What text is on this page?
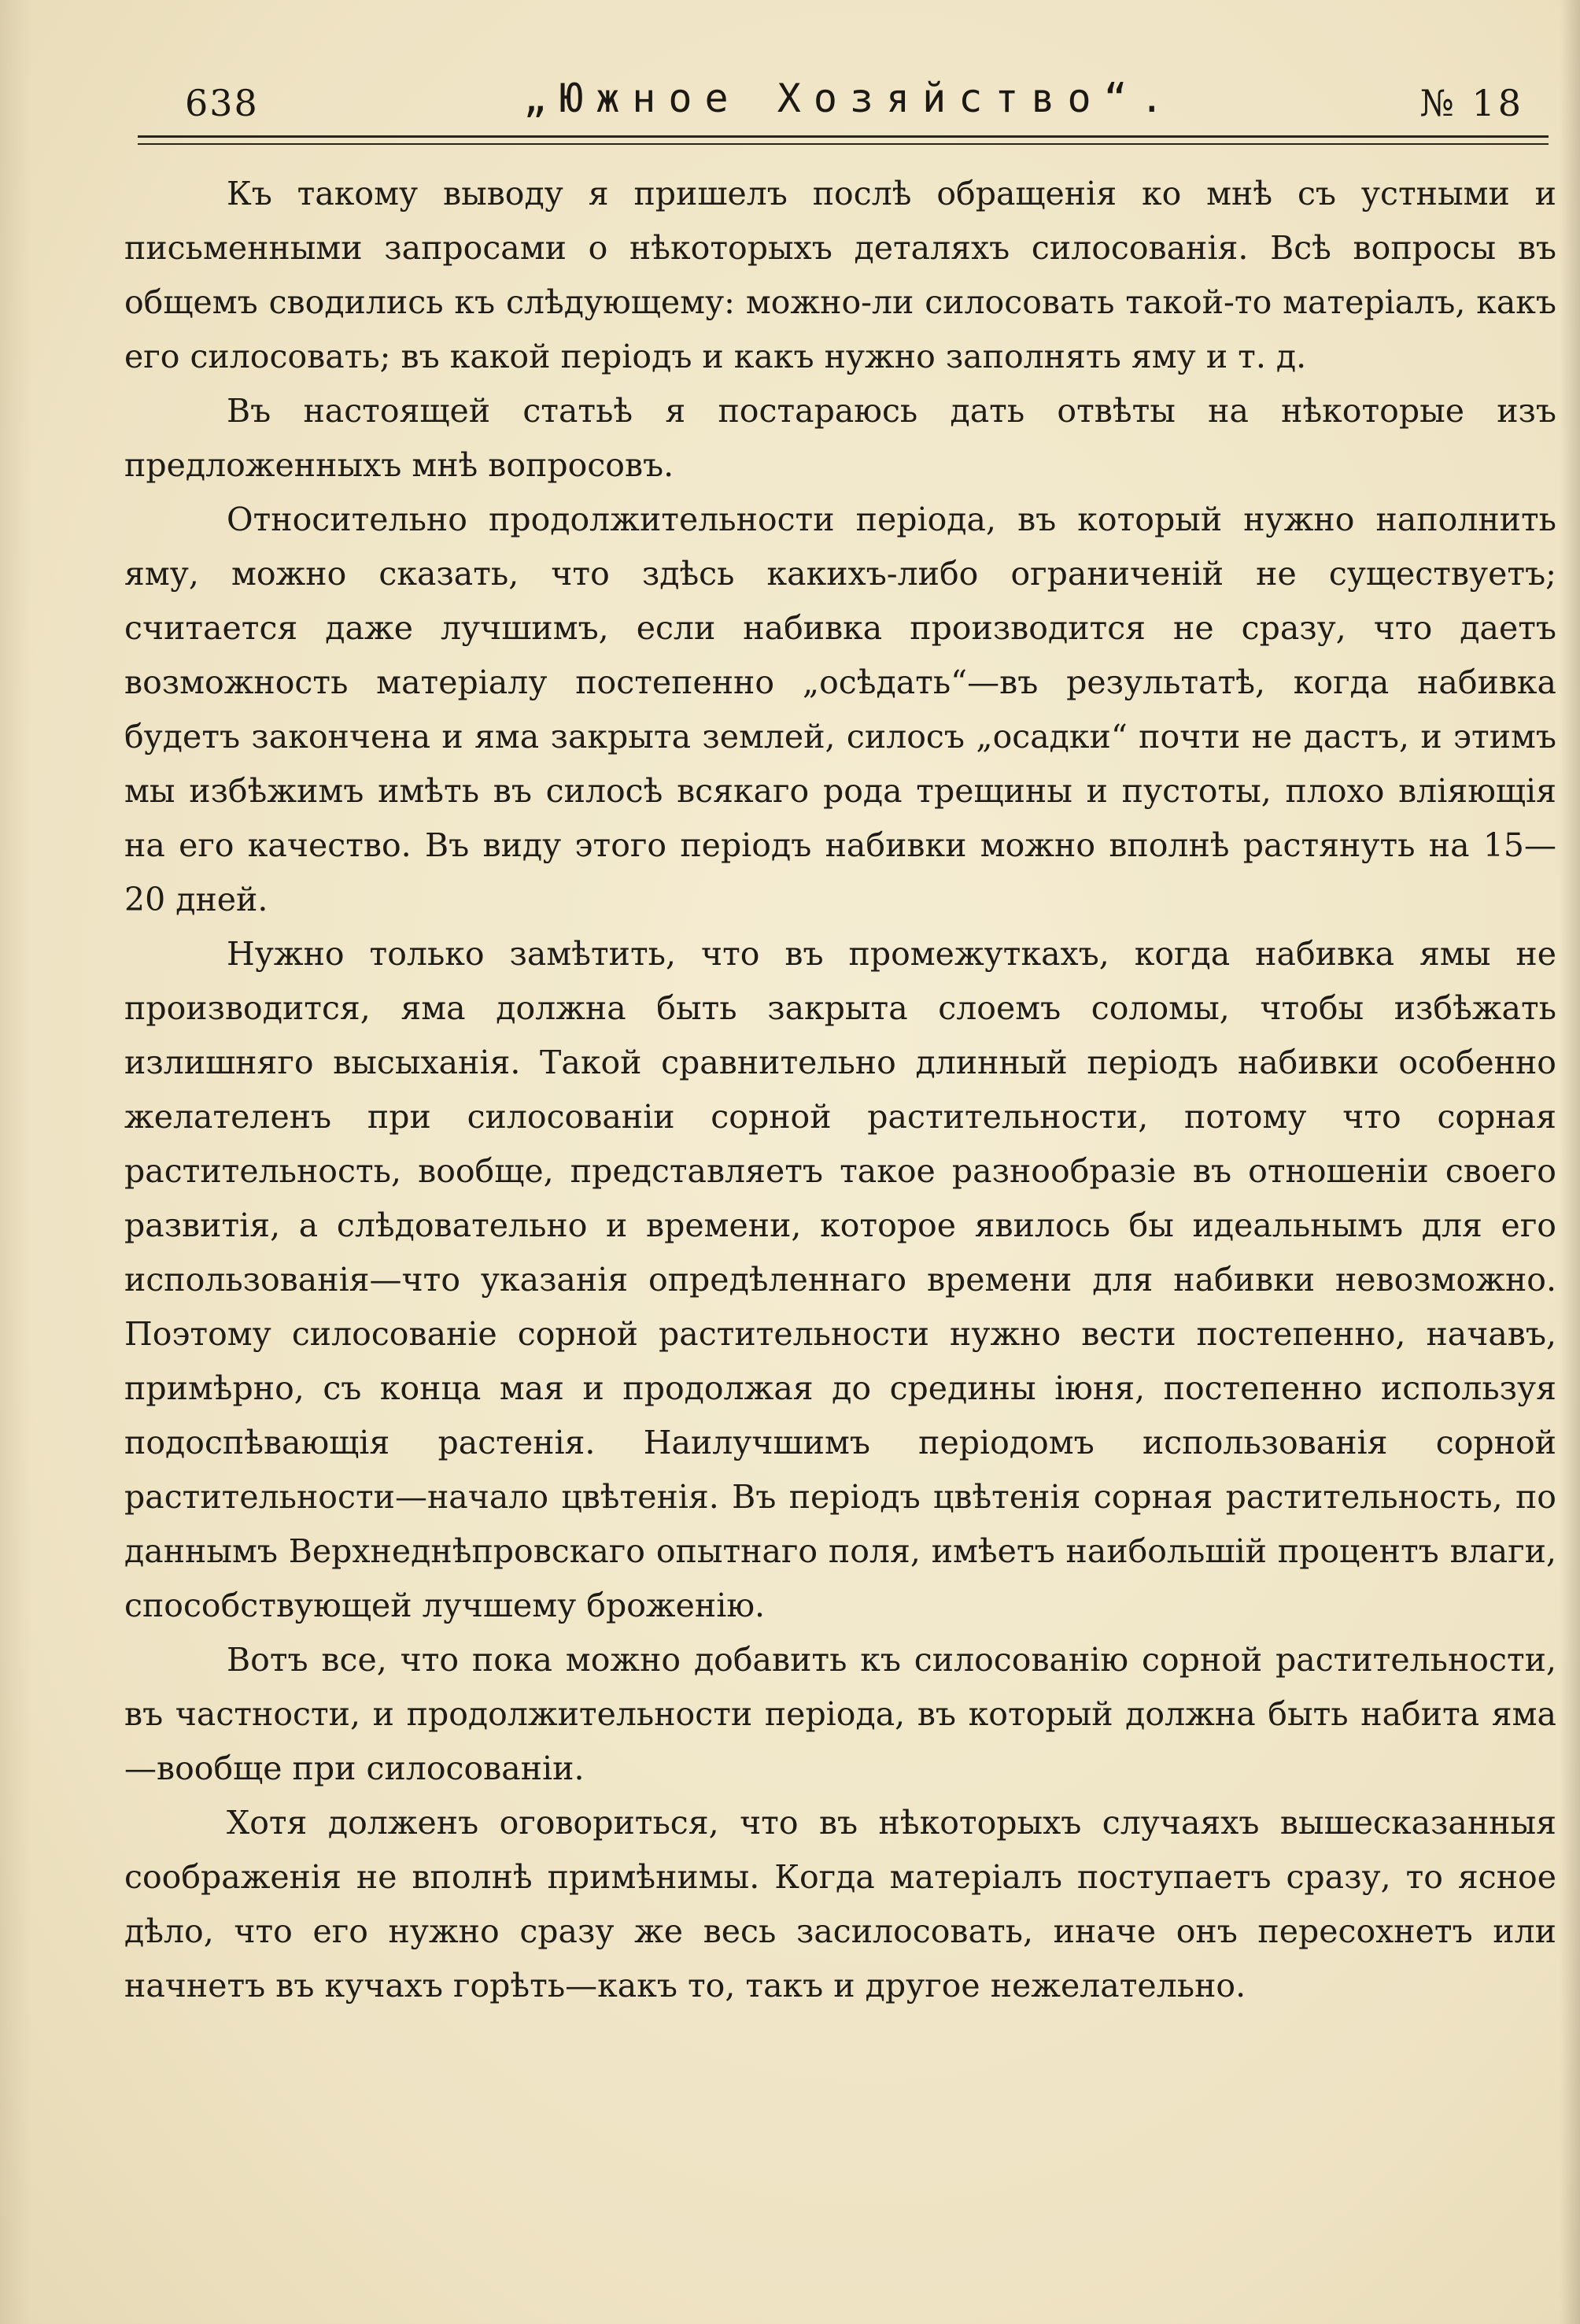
638	„Южное Хозяйство“.	№ 18

Къ такому выводу я пришелъ послѣ обращенія ко мнѣ съ устными и письменными запросами о нѣкоторыхъ деталяхъ силосованія. Всѣ вопросы въ общемъ сводились къ слѣдующему: можно-ли силосовать такой-то матеріалъ, какъ его силосовать; въ какой періодъ и какъ нужно заполнять яму и т. д.

Въ настоящей статьѣ я постараюсь дать отвѣты на нѣкоторые изъ предложенныхъ мнѣ вопросовъ.

Относительно продолжительности періода, въ который нужно наполнить яму, можно сказать, что здѣсь какихъ-либо ограниченій не существуетъ; считается даже лучшимъ, если набивка производится не сразу, что даетъ возможность матеріалу постепенно „осѣдать“—въ результатѣ, когда набивка будетъ закончена и яма закрыта землей, силосъ „осадки“ почти не дастъ, и этимъ мы избѣжимъ имѣть въ силосѣ всякаго рода трещины и пустоты, плохо вліяющія на его качество. Въ виду этого періодъ набивки можно вполнѣ растянуть на 15—20 дней.

Нужно только замѣтить, что въ промежуткахъ, когда набивка ямы не производится, яма должна быть закрыта слоемъ соломы, чтобы избѣжать излишняго высыханія. Такой сравнительно длинный періодъ набивки особенно желателенъ при силосованіи сорной растительности, потому что сорная растительность, вообще, представляетъ такое разнообразіе въ отношеніи своего развитія, а слѣдовательно и времени, которое явилось бы идеальнымъ для его использованія—что указанія опредѣленнаго времени для набивки невозможно. Поэтому силосованіе сорной растительности нужно вести постепенно, начавъ, примѣрно, съ конца мая и продолжая до средины іюня, постепенно используя подоспѣвающія растенія. Наилучшимъ періодомъ использованія сорной растительности—начало цвѣтенія. Въ періодъ цвѣтенія сорная растительность, по даннымъ Верхнеднѣпровскаго опытнаго поля, имѣетъ наибольшій процентъ влаги, способствующей лучшему броженію.

Вотъ все, что пока можно добавить къ силосованію сорной растительности, въ частности, и продолжительности періода, въ который должна быть набита яма—вообще при силосованіи.

Хотя долженъ оговориться, что въ нѣкоторыхъ случаяхъ вышесказанныя соображенія не вполнѣ примѣнимы. Когда матеріалъ поступаетъ сразу, то ясное дѣло, что его нужно сразу же весь засилосовать, иначе онъ пересохнетъ или начнетъ въ кучахъ горѣть—какъ то, такъ и другое нежелательно.
